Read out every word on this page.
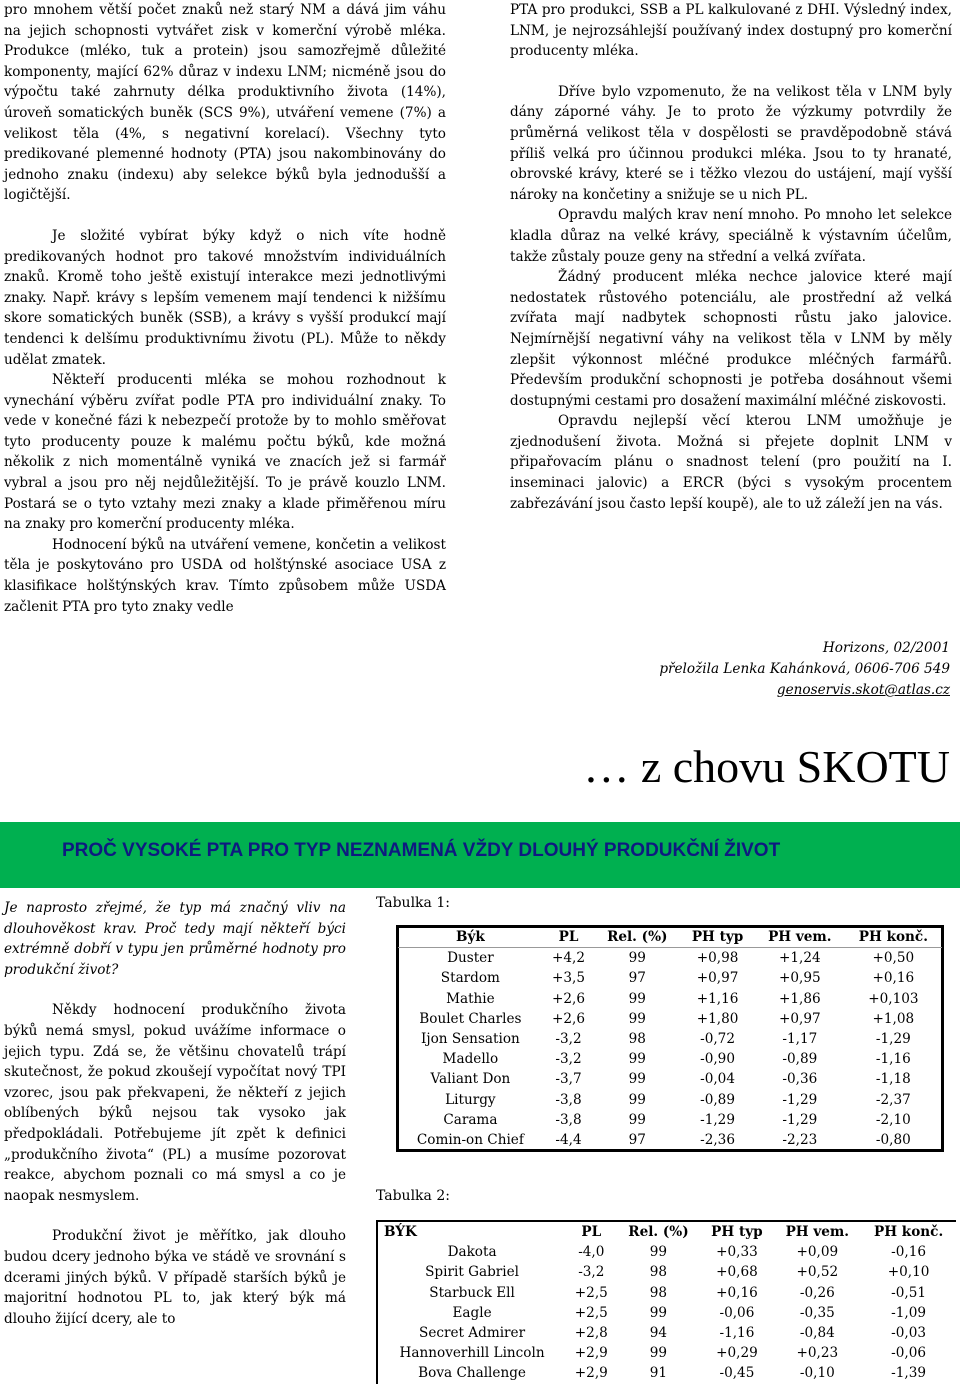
pro mnohem větší počet znaků než starý NM a dává jim váhu na jejich schopnosti vytvářet zisk v komerční výrobě mléka. Produkce (mléko, tuk a protein) jsou samozřejmě důležité komponenty, mající 62% důraz v indexu LNM; nicméně jsou do výpočtu také zahrnuty délka produktivního života (14%), úroveň somatických buněk (SCS 9%), utváření vemene (7%) a velikost těla (4%, s negativní korelací). Všechny tyto predikované plemenné hodnoty (PTA) jsou nakombinovány do jednoho znaku (indexu) aby selekce býků byla jednodušší a logičtější.

Je složité vybírat býky když o nich víte hodně predikovaných hodnot pro takové množstvím individuálních znaků. Kromě toho ještě existují interakce mezi jednotlivými znaky. Např. krávy s lepším vemenem mají tendenci k nižšímu skore somatických buněk (SSB), a krávy s vyšší produkcí mají tendenci k delšímu produktivnímu životu (PL). Může to někdy udělat zmatek.

Někteří producenti mléka se mohou rozhodnout k vynechání výběru zvířat podle PTA pro individuální znaky. To vede v konečné fázi k nebezpečí protože by to mohlo směřovat tyto producenty pouze k malému počtu býků, kde možná několik z nich momentálně vyniká ve znacích jež si farmář vybral a jsou pro něj nejdůležitější. To je právě kouzlo LNM. Postará se o tyto vztahy mezi znaky a klade přiměřenou míru na znaky pro komerční producenty mléka.

Hodnocení býků na utváření vemene, končetin a velikost těla je poskytováno pro USDA od holštýnské asociace USA z klasifikace holštýnských krav. Tímto způsobem může USDA začlenit PTA pro tyto znaky vedle

PTA pro produkci, SSB a PL kalkulované z DHI. Výsledný index, LNM, je nejrozsáhlejší používaný index dostupný pro komerční producenty mléka.

Dříve bylo vzpomenuto, že na velikost těla v LNM byly dány záporné váhy. Je to proto že výzkumy potvrdily že průměrná velikost těla v dospělosti se pravděpodobně stává příliš velká pro účinnou produkci mléka. Jsou to ty hranaté, obrovské krávy, které se i těžko vlezou do ustájení, mají vyšší nároky na končetiny a snižuje se u nich PL.

Opravdu malých krav není mnoho. Po mnoho let selekce kladla důraz na velké krávy, speciálně k výstavním účelům, takže zůstaly pouze geny na střední a velká zvířata.

Žádný producent mléka nechce jalovice které mají nedostatek růstového potenciálu, ale prostřední až velká zvířata mají nadbytek schopnosti růstu jako jalovice. Nejmírnější negativní váhy na velikost těla v LNM by měly zlepšit výkonnost mléčné produkce mléčných farmářů. Především produkční schopnosti je potřeba dosáhnout všemi dostupnými cestami pro dosažení maximální mléčné ziskovosti.

Opravdu nejlepší věcí kterou LNM umožňuje je zjednodušení života. Možná si přejete doplnit LNM v připařovacím plánu o snadnost telení (pro použití na I. inseminaci jalovic) a ERCR (býci s vysokým procentem zabřezávání jsou často lepší koupě), ale to už záleží jen na vás.

Horizons, 02/2001
přeložila Lenka Kahánková, 0606-706 549
genoservis.skot@atlas.cz
… z chovu SKOTU
PROČ VYSOKÉ PTA PRO TYP NEZNAMENÁ VŽDY DLOUHÝ PRODUKČNÍ ŽIVOT

Je naprosto zřejmé, že typ má značný vliv na dlouhověkost krav. Proč tedy mají někteří býci extrémně dobří v typu jen průměrné hodnoty pro produkční život?

Někdy hodnocení produkčního života býků nemá smysl, pokud uvážíme informace o jejich typu. Zdá se, že většinu chovatelů trápí skutečnost, že pokud zkoušejí vypočítat nový TPI vzorec, jsou pak překvapeni, že někteří z jejich oblíbených býků nejsou tak vysoko jak předpokládali. Potřebujeme jít zpět k definici „produkčního života“ (PL) a musíme pozorovat reakce, abychom poznali co má smysl a co je naopak nesmyslem.

Produkční život je měřítko, jak dlouho budou dcery jednoho býka ve stádě ve srovnání s dcerami jiných býků. V případě starších býků je majoritní hodnotou PL to, jak který býk má dlouho žijící dcery, ale to

Tabulka 1:
Býk	PL	Rel. (%)	PH typ	PH vem.	PH konč.
Duster	+4,2	99	+0,98	+1,24	+0,50
Stardom	+3,5	97	+0,97	+0,95	+0,16
Mathie	+2,6	99	+1,16	+1,86	+0,103
Boulet Charles	+2,6	99	+1,80	+0,97	+1,08
Ijon Sensation	-3,2	98	-0,72	-1,17	-1,29
Madello	-3,2	99	-0,90	-0,89	-1,16
Valiant Don	-3,7	99	-0,04	-0,36	-1,18
Liturgy	-3,8	99	-0,89	-1,29	-2,37
Carama	-3,8	99	-1,29	-1,29	-2,10
Comin-on Chief	-4,4	97	-2,36	-2,23	-0,80
Tabulka 2:
BÝK	PL	Rel. (%)	PH typ	PH vem.	PH konč.
Dakota	-4,0	99	+0,33	+0,09	-0,16
Spirit Gabriel	-3,2	98	+0,68	+0,52	+0,10
Starbuck Ell	+2,5	98	+0,16	-0,26	-0,51
Eagle	+2,5	99	-0,06	-0,35	-1,09
Secret Admirer	+2,8	94	-1,16	-0,84	-0,03
Hannoverhill Lincoln	+2,9	99	+0,29	+0,23	-0,06
Bova Challenge	+2,9	91	-0,45	-0,10	-1,39
